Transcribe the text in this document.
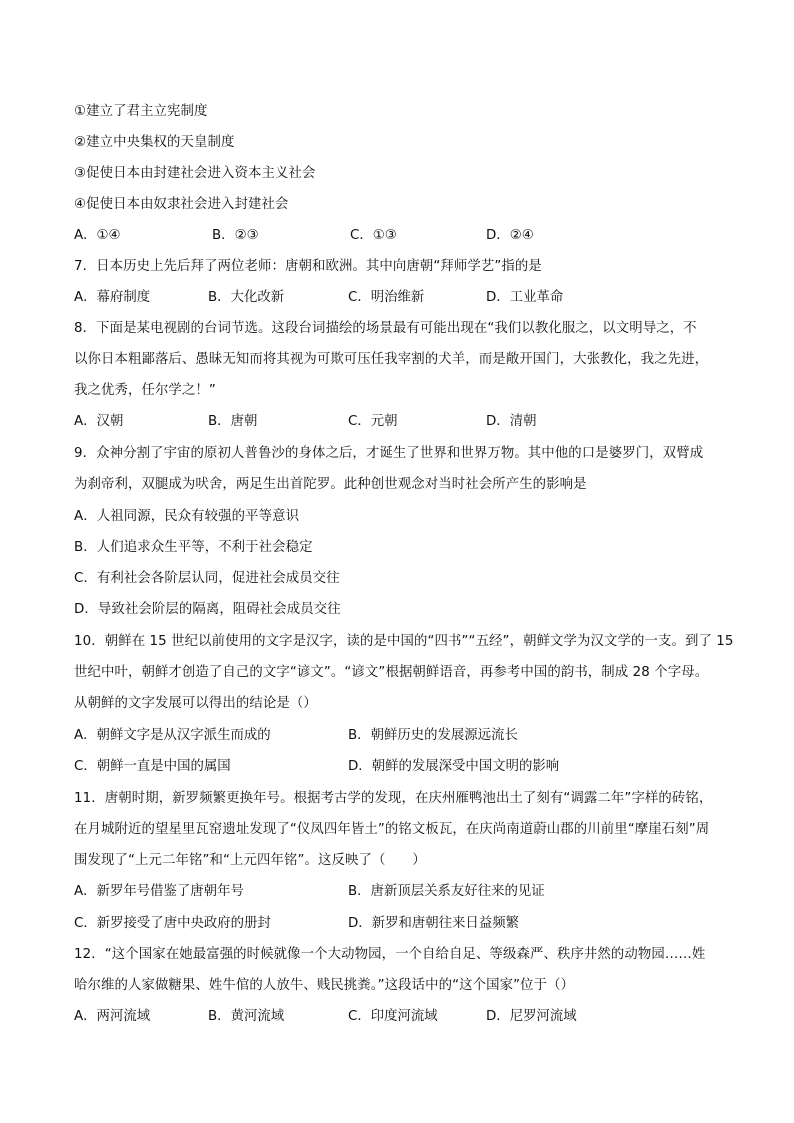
①建立了君主立宪制度
②建立中央集权的天皇制度
③促使日本由封建社会进入资本主义社会
④促使日本由奴隶社会进入封建社会
A．①④	B．②③	C．①③	D．②④
7．日本历史上先后拜了两位老师：唐朝和欧洲。其中向唐朝“拜师学艺”指的是
A．幕府制度	B．大化改新	C．明治维新	D．工业革命
8．下面是某电视剧的台词节选。这段台词描绘的场景最有可能出现在“我们以教化服之，以文明导之，不
以你日本粗鄙落后、愚昧无知而将其视为可欺可压任我宰割的犬羊，而是敞开国门，大张教化，我之先进，
我之优秀，任尔学之！”
A．汉朝	B．唐朝	C．元朝	D．清朝
9．众神分割了宇宙的原初人普鲁沙的身体之后，才诞生了世界和世界万物。其中他的口是婆罗门，双臂成
为刹帝利，双腿成为吠舍，两足生出首陀罗。此种创世观念对当时社会所产生的影响是
A．人祖同源，民众有较强的平等意识
B．人们追求众生平等，不利于社会稳定
C．有利社会各阶层认同，促进社会成员交往
D．导致社会阶层的隔离，阻碍社会成员交往
10．朝鲜在 15 世纪以前使用的文字是汉字，读的是中国的“四书”“五经”，朝鲜文学为汉文学的一支。到了 15
世纪中叶，朝鲜才创造了自己的文字“谚文”。“谚文”根据朝鲜语音，再参考中国的韵书，制成 28 个字母。
从朝鲜的文字发展可以得出的结论是（）
A．朝鲜文字是从汉字派生而成的	B．朝鲜历史的发展源远流长
C．朝鲜一直是中国的属国	D．朝鲜的发展深受中国文明的影响
11．唐朝时期，新罗频繁更换年号。根据考古学的发现，在庆州雁鸭池出土了刻有“调露二年”字样的砖铭，
在月城附近的望星里瓦窑遗址发现了“仪凤四年皆土”的铭文板瓦，在庆尚南道蔚山郡的川前里“摩崖石刻”周
围发现了“上元二年铭”和“上元四年铭”。这反映了（　　）
A．新罗年号借鉴了唐朝年号	B．唐新顶层关系友好往来的见证
C．新罗接受了唐中央政府的册封	D．新罗和唐朝往来日益频繁
12．“这个国家在她最富强的时候就像一个大动物园，一个自给自足、等级森严、秩序井然的动物园……姓
哈尔维的人家做糖果、姓牛倌的人放牛、贱民挑粪。”这段话中的“这个国家”位于（）
A．两河流域	B．黄河流域	C．印度河流域	D．尼罗河流域
